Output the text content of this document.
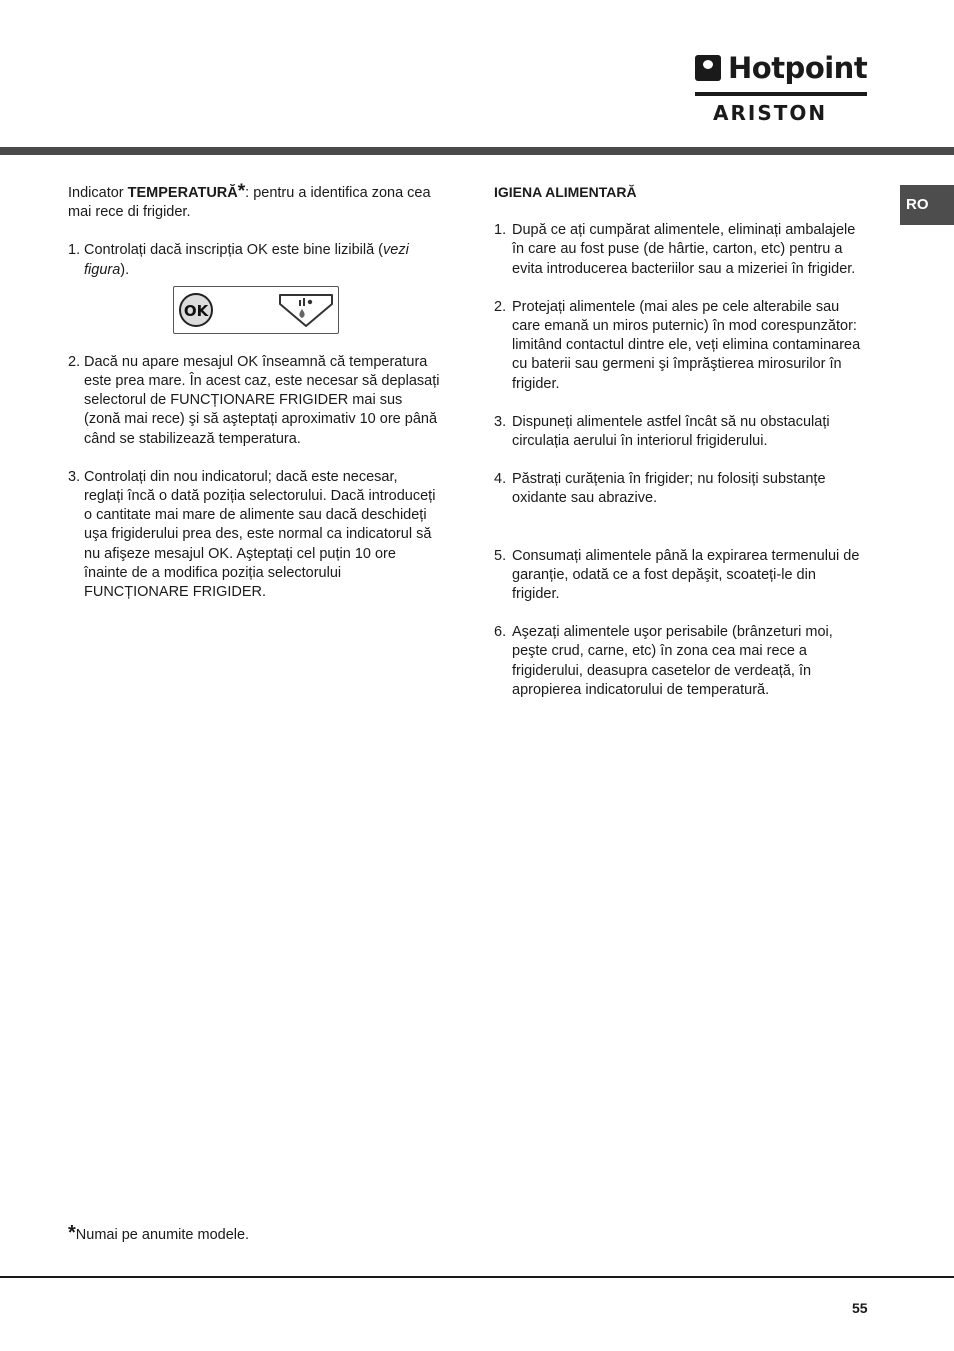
Hotpoint
ARISTON
RO
Indicator TEMPERATURĂ*: pentru a identifica zona cea mai rece di frigider.
1. Controlați dacă inscripția OK este bine lizibilă (vezi figura).
OK
2. Dacă nu apare mesajul OK înseamnă că temperatura este prea mare. În acest caz, este necesar să deplasați selectorul de FUNCȚIONARE FRIGIDER mai sus (zonă mai rece) şi să aşteptați aproximativ 10 ore până când se stabilizează temperatura.
3. Controlați din nou indicatorul; dacă este necesar, reglați încă o dată poziția selectorului. Dacă introduceți o cantitate mai mare de alimente sau dacă deschideți uşa frigiderului prea des, este normal ca indicatorul să nu afişeze mesajul OK. Aşteptați cel puțin 10 ore înainte de a modifica poziția selectorului FUNCȚIONARE FRIGIDER.
IGIENA ALIMENTARĂ
1. După ce ați cumpărat alimentele, eliminați ambalajele în care au fost puse (de hârtie, carton, etc) pentru a evita introducerea bacteriilor sau a mizeriei în frigider.
2. Protejați alimentele (mai ales pe cele alterabile sau care emană un miros puternic) în mod corespunzător: limitând contactul dintre ele, veți elimina contaminarea cu baterii sau germeni şi împrăştierea mirosurilor în frigider.
3. Dispuneți alimentele astfel încât să nu obstaculați circulația aerului în interiorul frigiderului.
4. Păstrați curățenia în frigider; nu folosiți substanțe oxidante sau abrazive.
5. Consumați alimentele până la expirarea termenului de garanție, odată ce a fost depăşit, scoateți-le din frigider.
6. Aşezați alimentele uşor perisabile (brânzeturi moi, peşte crud, carne, etc) în zona cea mai rece a frigiderului, deasupra casetelor de verdeață, în apropierea indicatorului de temperatură.
*Numai pe anumite modele.
55
